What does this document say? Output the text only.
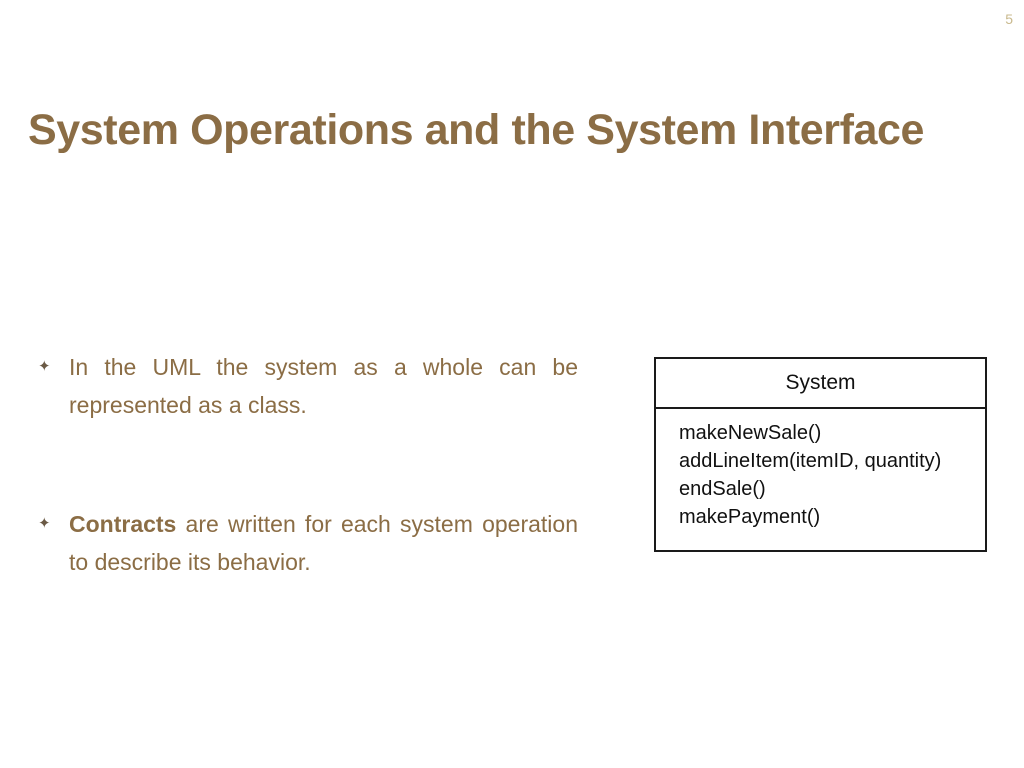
5
System Operations and the System Interface
✦ In the UML the system as a whole can be represented as a class.
✦ Contracts are written for each system operation to describe its behavior.
System
makeNewSale()
addLineItem(itemID, quantity)
endSale()
makePayment()
